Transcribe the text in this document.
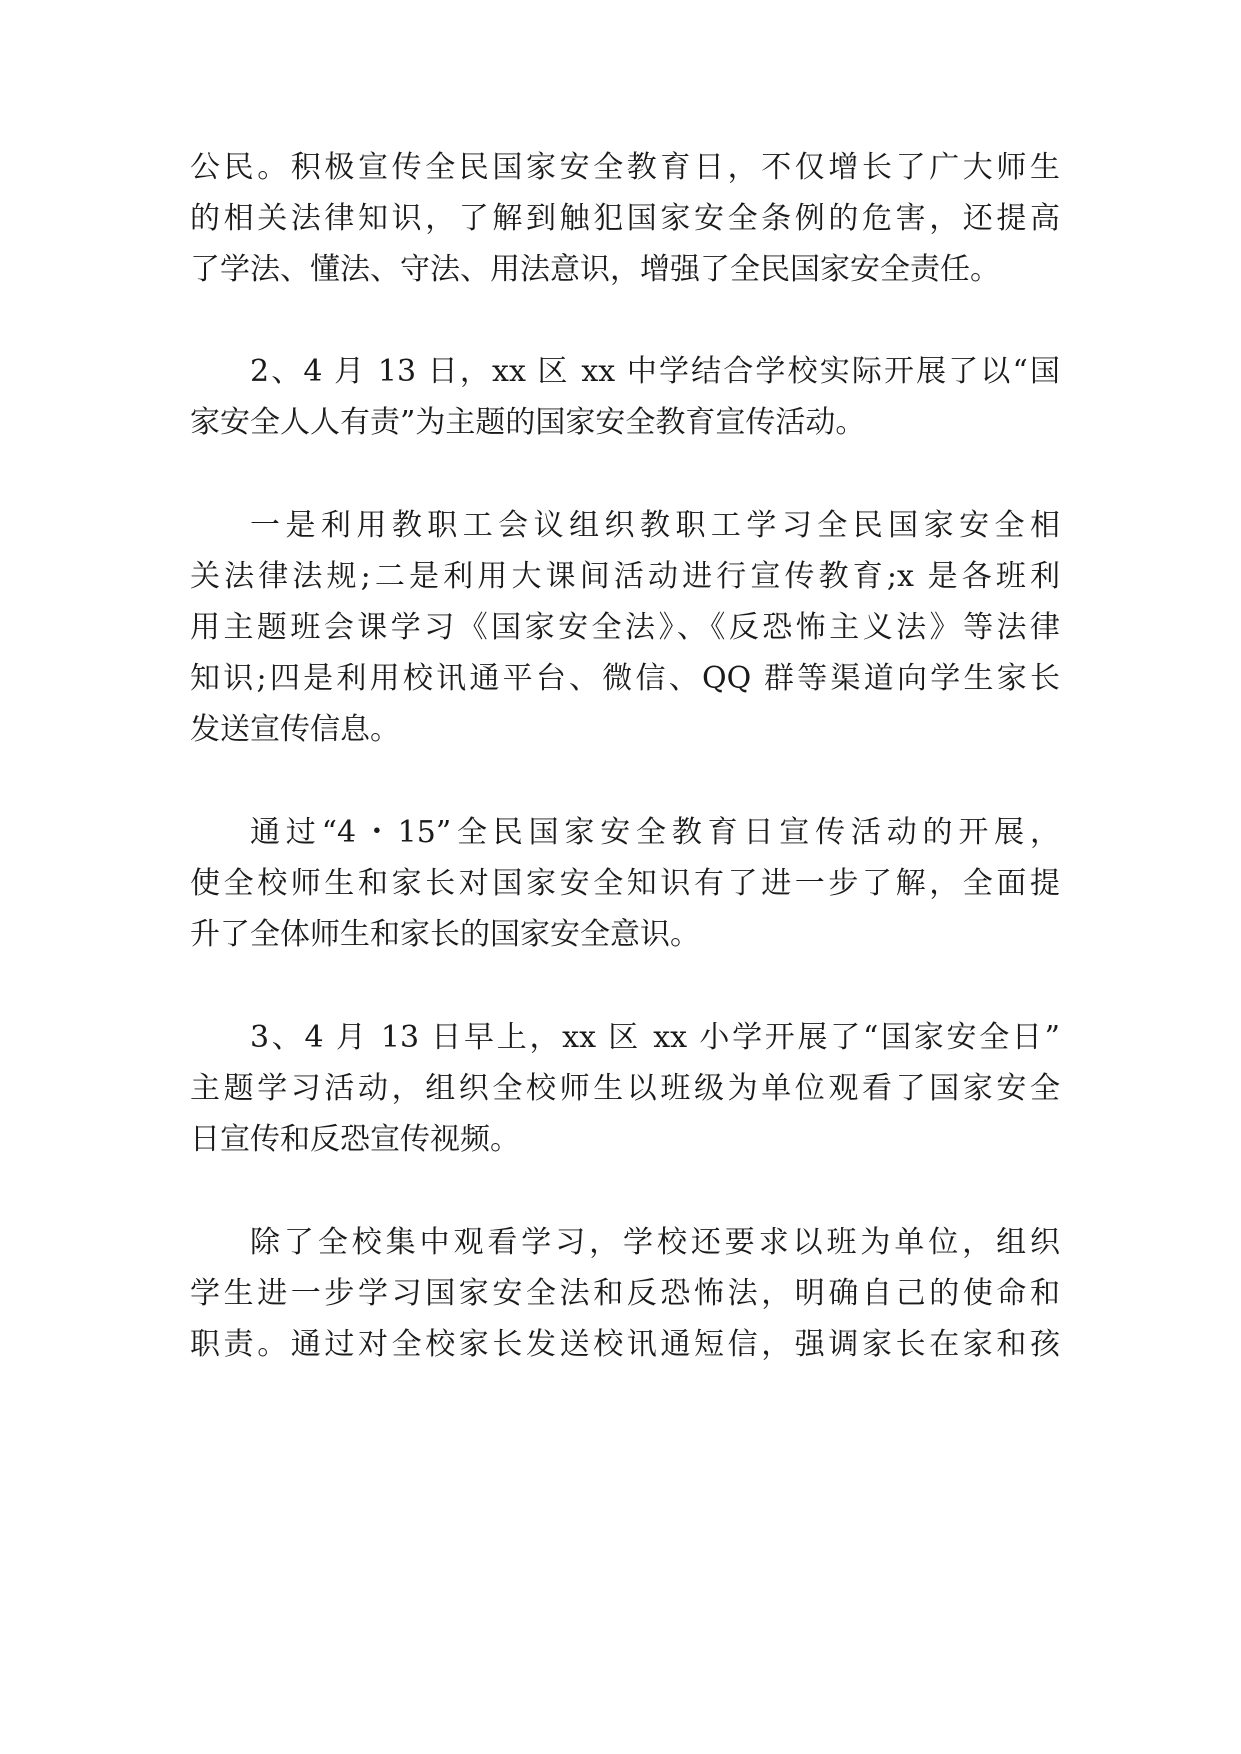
公民。积极宣传全民国家安全教育日，不仅增长了广大师生
的相关法律知识，了解到触犯国家安全条例的危害，还提高
了学法、懂法、守法、用法意识，增强了全民国家安全责任。
2、4 月 13 日，xx 区 xx 中学结合学校实际开展了以“国
家安全人人有责”为主题的国家安全教育宣传活动。
一是利用教职工会议组织教职工学习全民国家安全相
关法律法规;二是利用大课间活动进行宣传教育;x 是各班利
用主题班会课学习《国家安全法》、《反恐怖主义法》等法律
知识;四是利用校讯通平台、微信、QQ 群等渠道向学生家长
发送宣传信息。
通过“4・15”全民国家安全教育日宣传活动的开展，
使全校师生和家长对国家安全知识有了进一步了解，全面提
升了全体师生和家长的国家安全意识。
3、4 月 13 日早上，xx 区 xx 小学开展了“国家安全日”
主题学习活动，组织全校师生以班级为单位观看了国家安全
日宣传和反恐宣传视频。
除了全校集中观看学习，学校还要求以班为单位，组织
学生进一步学习国家安全法和反恐怖法，明确自己的使命和
职责。通过对全校家长发送校讯通短信，强调家长在家和孩
